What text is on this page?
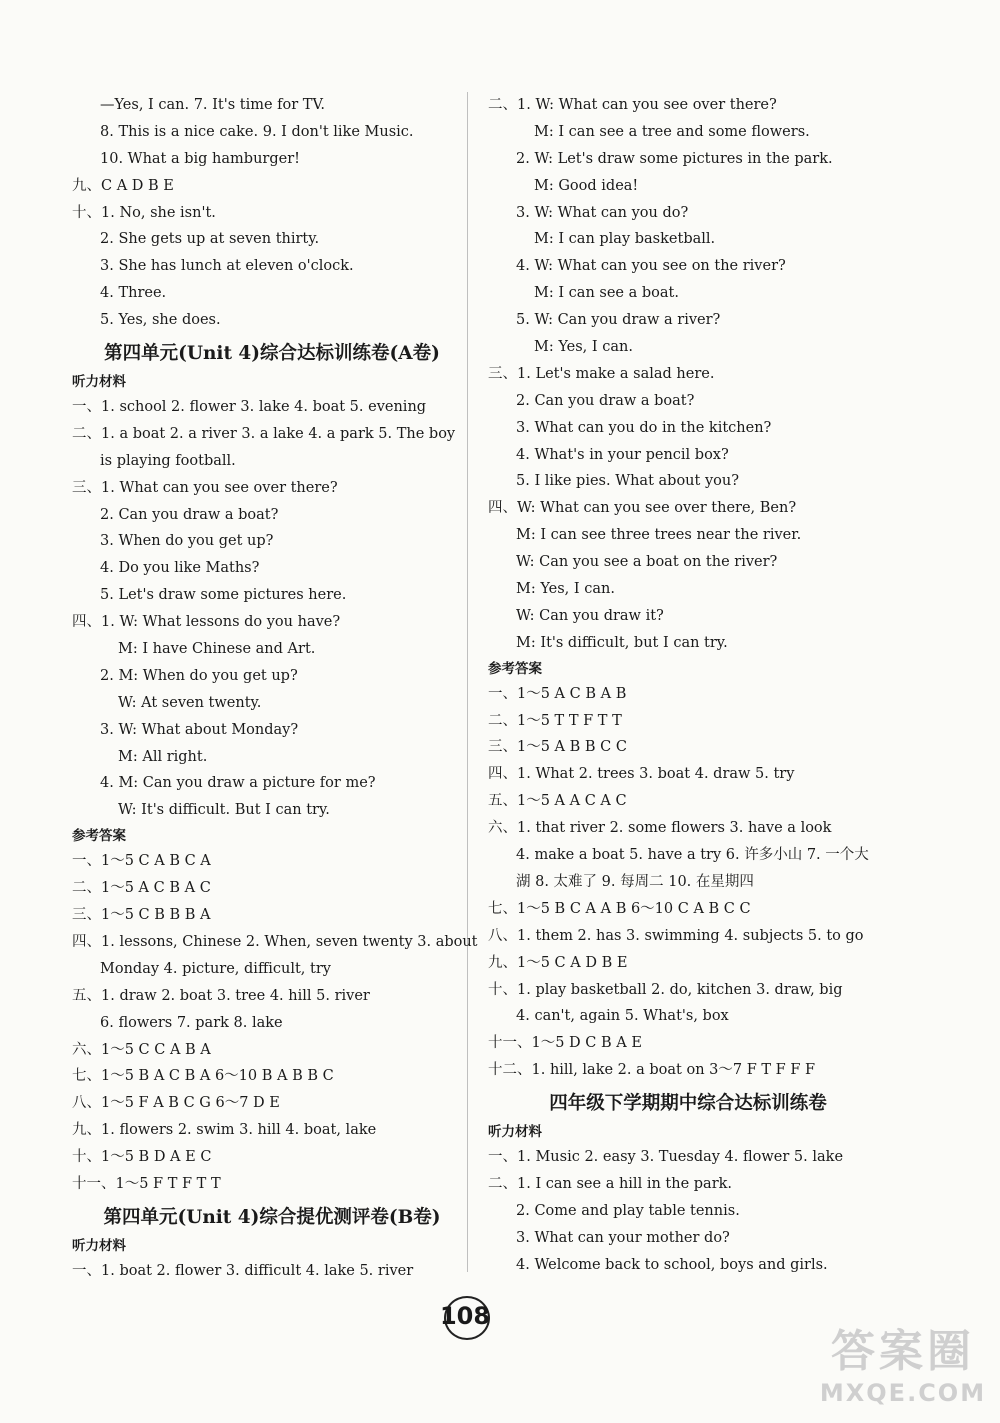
—Yes, I can. 7. It's time for TV.
8. This is a nice cake. 9. I don't like Music.
10. What a big hamburger!
九、C A D B E
十、1. No, she isn't.
2. She gets up at seven thirty.
3. She has lunch at eleven o'clock.
4. Three.
5. Yes, she does.
第四单元(Unit 4)综合达标训练卷(A卷)
听力材料
一、1. school 2. flower 3. lake 4. boat 5. evening
二、1. a boat 2. a river 3. a lake 4. a park 5. The boy
is playing football.
三、1. What can you see over there?
2. Can you draw a boat?
3. When do you get up?
4. Do you like Maths?
5. Let's draw some pictures here.
四、1. W: What lessons do you have?
M: I have Chinese and Art.
2. M: When do you get up?
W: At seven twenty.
3. W: What about Monday?
M: All right.
4. M: Can you draw a picture for me?
W: It's difficult. But I can try.
参考答案
一、1～5 C A B C A
二、1～5 A C B A C
三、1～5 C B B B A
四、1. lessons, Chinese 2. When, seven twenty 3. about
Monday 4. picture, difficult, try
五、1. draw 2. boat 3. tree 4. hill 5. river
6. flowers 7. park 8. lake
六、1～5 C C A B A
七、1～5 B A C B A 6～10 B A B B C
八、1～5 F A B C G 6～7 D E
九、1. flowers 2. swim 3. hill 4. boat, lake
十、1～5 B D A E C
十一、1～5 F T F T T
第四单元(Unit 4)综合提优测评卷(B卷)
听力材料
一、1. boat 2. flower 3. difficult 4. lake 5. river
二、1. W: What can you see over there?
M: I can see a tree and some flowers.
2. W: Let's draw some pictures in the park.
M: Good idea!
3. W: What can you do?
M: I can play basketball.
4. W: What can you see on the river?
M: I can see a boat.
5. W: Can you draw a river?
M: Yes, I can.
三、1. Let's make a salad here.
2. Can you draw a boat?
3. What can you do in the kitchen?
4. What's in your pencil box?
5. I like pies. What about you?
四、W: What can you see over there, Ben?
M: I can see three trees near the river.
W: Can you see a boat on the river?
M: Yes, I can.
W: Can you draw it?
M: It's difficult, but I can try.
参考答案
一、1～5 A C B A B
二、1～5 T T F T T
三、1～5 A B B C C
四、1. What 2. trees 3. boat 4. draw 5. try
五、1～5 A A C A C
六、1. that river 2. some flowers 3. have a look
4. make a boat 5. have a try 6. 许多小山 7. 一个大
湖 8. 太难了 9. 每周二 10. 在星期四
七、1～5 B C A A B 6～10 C A B C C
八、1. them 2. has 3. swimming 4. subjects 5. to go
九、1～5 C A D B E
十、1. play basketball 2. do, kitchen 3. draw, big
4. can't, again 5. What's, box
十一、1～5 D C B A E
十二、1. hill, lake 2. a boat on 3～7 F T F F F
四年级下学期期中综合达标训练卷
听力材料
一、1. Music 2. easy 3. Tuesday 4. flower 5. lake
二、1. I can see a hill in the park.
2. Come and play table tennis.
3. What can your mother do?
4. Welcome back to school, boys and girls.
108
答案圈
MXQE.COM
